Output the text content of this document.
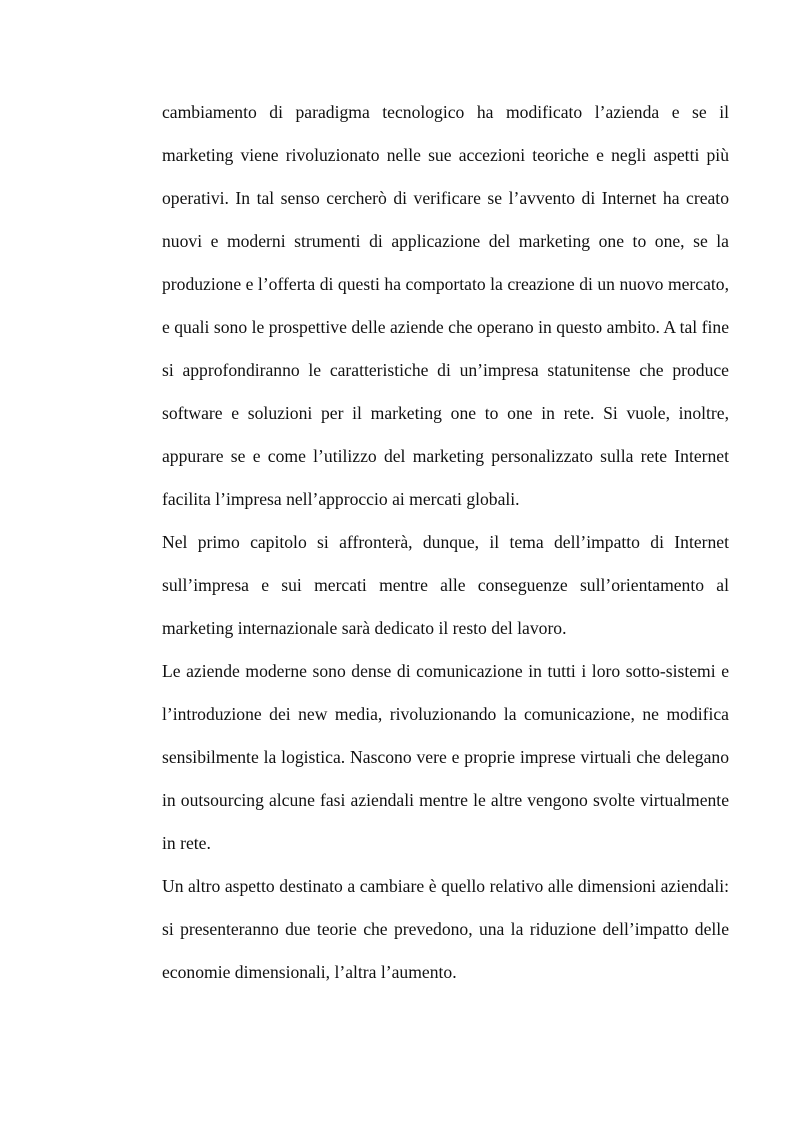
cambiamento di paradigma tecnologico ha modificato l’azienda e se il marketing viene rivoluzionato nelle sue accezioni teoriche e negli aspetti più operativi. In tal senso cercherò di verificare se l’avvento di Internet ha creato nuovi e moderni strumenti di applicazione del marketing one to one, se la produzione e l’offerta di questi ha comportato la creazione di un nuovo mercato, e quali sono le prospettive delle aziende che operano in questo ambito. A tal fine si approfondiranno le caratteristiche di un’impresa statunitense che produce software e soluzioni per il marketing one to one in rete. Si vuole, inoltre, appurare se e come l’utilizzo del marketing personalizzato sulla rete Internet facilita l’impresa nell’approccio ai mercati globali.

Nel primo capitolo si affronterà, dunque, il tema dell’impatto di Internet sull’impresa e sui mercati mentre alle conseguenze sull’orientamento al marketing internazionale sarà dedicato il resto del lavoro.

Le aziende moderne sono dense di comunicazione in tutti i loro sotto-sistemi e l’introduzione dei new media, rivoluzionando la comunicazione, ne modifica sensibilmente la logistica. Nascono vere e proprie imprese virtuali che delegano in outsourcing alcune fasi aziendali mentre le altre vengono svolte virtualmente in rete.

Un altro aspetto destinato a cambiare è quello relativo alle dimensioni aziendali: si presenteranno due teorie che prevedono, una la riduzione dell’impatto delle economie dimensionali, l’altra l’aumento.
